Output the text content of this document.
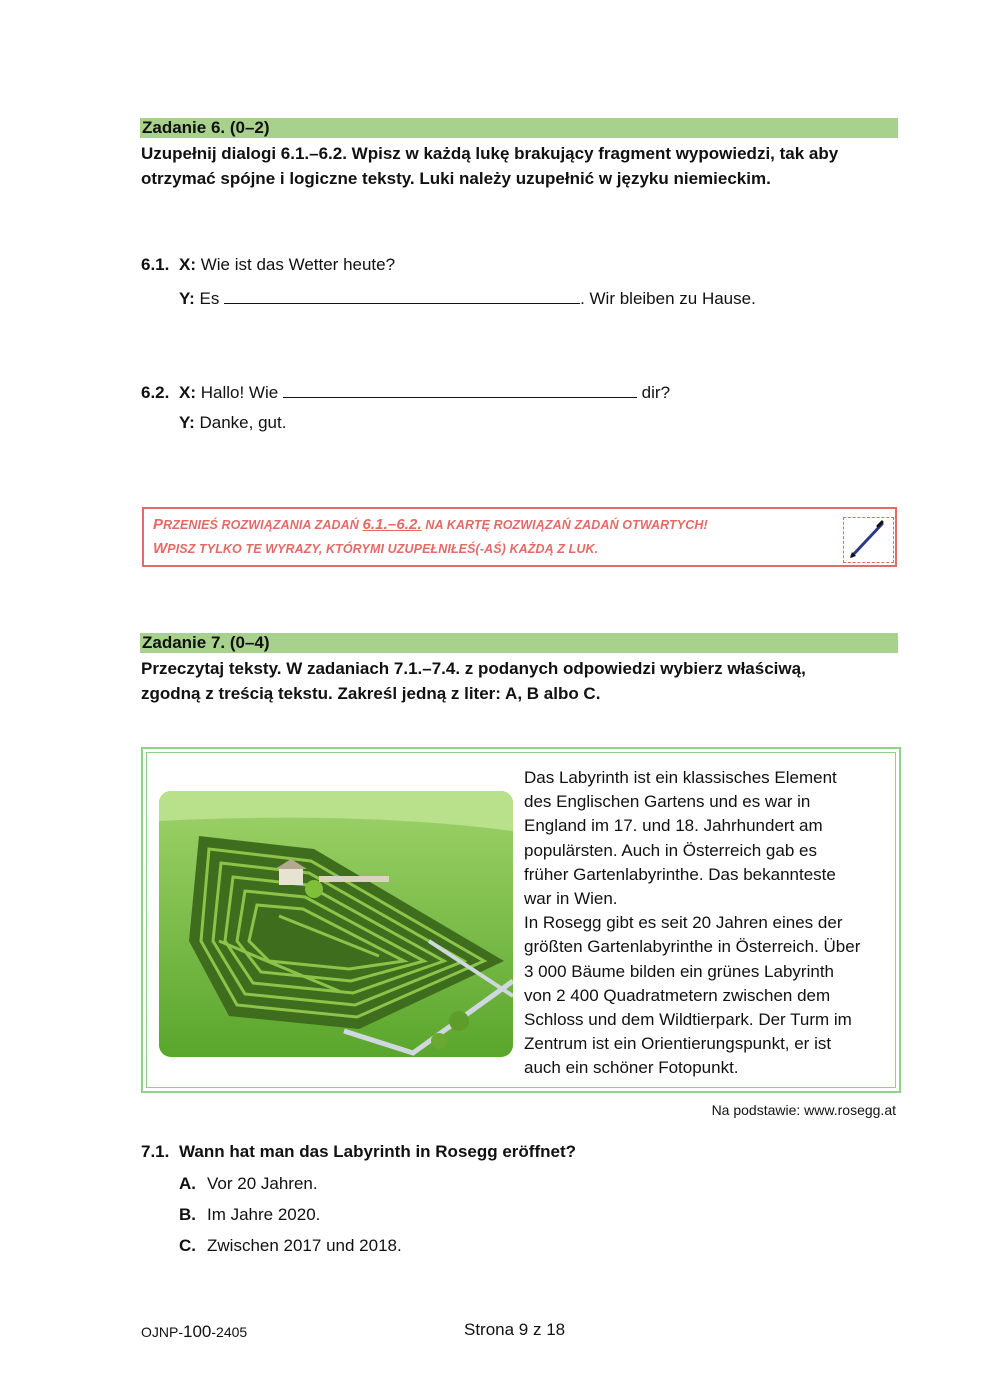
Zadanie 6. (0–2)
Uzupełnij dialogi 6.1.–6.2. Wpisz w każdą lukę brakujący fragment wypowiedzi, tak aby
otrzymać spójne i logiczne teksty. Luki należy uzupełnić w języku niemieckim.
6.1. X: Wie ist das Wetter heute?
Y: Es	. Wir bleiben zu Hause.
6.2. X: Hallo! Wie	dir?
Y: Danke, gut.
PRZENIEŚ ROZWIĄZANIA ZADAŃ 6.1.–6.2. NA KARTĘ ROZWIĄZAŃ ZADAŃ OTWARTYCH!
WPISZ TYLKO TE WYRAZY, KTÓRYMI UZUPEŁNIŁEŚ(-AŚ) KAŻDĄ Z LUK.
Zadanie 7. (0–4)
Przeczytaj teksty. W zadaniach 7.1.–7.4. z podanych odpowiedzi wybierz właściwą,
zgodną z treścią tekstu. Zakreśl jedną z liter: A, B albo C.

Das Labyrinth ist ein klassisches Element

des Englischen Gartens und es war in

England im 17. und 18. Jahrhundert am

populärsten. Auch in Österreich gab es

früher Gartenlabyrinthe. Das bekannteste

war in Wien.

In Rosegg gibt es seit 20 Jahren eines der

größten Gartenlabyrinthe in Österreich. Über

3 000 Bäume bilden ein grünes Labyrinth

von 2 400 Quadratmetern zwischen dem

Schloss und dem Wildtierpark. Der Turm im

Zentrum ist ein Orientierungspunkt, er ist

auch ein schöner Fotopunkt.

Na podstawie: www.rosegg.at
7.1. Wann hat man das Labyrinth in Rosegg eröffnet?
A. Vor 20 Jahren.
B. Im Jahre 2020.
C. Zwischen 2017 und 2018.
OJNP-100-2405	Strona 9 z 18
